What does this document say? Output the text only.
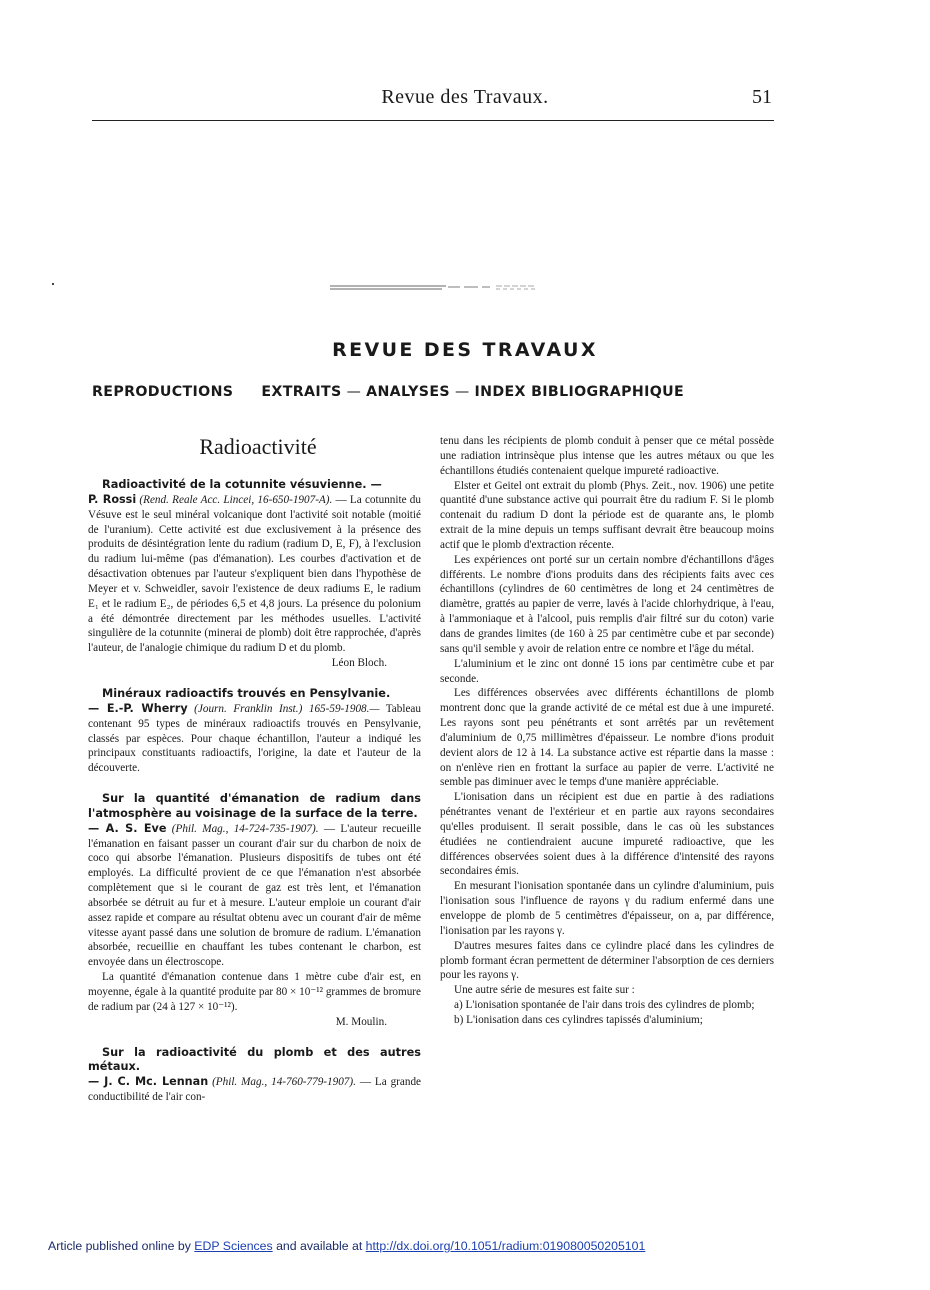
Revue des Travaux.	51
REVUE DES TRAVAUX
REPRODUCTIONS EXTRAITS — ANALYSES — INDEX BIBLIOGRAPHIQUE
Radioactivité

Radioactivité de la cotunnite vésuvienne. —

P. Rossi (Rend. Reale Acc. Lincei, 16-650-1907-A). — La cotunnite du Vésuve est le seul minéral volcanique dont l'activité soit notable (moitié de l'uranium). Cette activité est due exclusivement à la présence des produits de désintégration lente du radium (radium D, E, F), à l'exclusion du radium lui-même (pas d'émanation). Les courbes d'activation et de désactivation obtenues par l'auteur s'expliquent bien dans l'hypothèse de Meyer et v. Schweidler, savoir l'existence de deux radiums E, le radium E₁ et le radium E₂, de périodes 6,5 et 4,8 jours. La présence du polonium a été démontrée directement par les méthodes usuelles. L'activité singulière de la cotunnite (minerai de plomb) doit être rapprochée, d'après l'auteur, de l'analogie chimique du radium D et du plomb.

Léon Bloch.

Minéraux radioactifs trouvés en Pensylvanie.

— E.-P. Wherry (Journ. Franklin Inst.) 165-59-1908.— Tableau contenant 95 types de minéraux radioactifs trouvés en Pensylvanie, classés par espèces. Pour chaque échantillon, l'auteur a indiqué les principaux constituants radioactifs, l'origine, la date et l'auteur de la découverte.

Sur la quantité d'émanation de radium dans l'atmosphère au voisinage de la surface de la terre.

— A. S. Eve (Phil. Mag., 14-724-735-1907). — L'auteur recueille l'émanation en faisant passer un courant d'air sur du charbon de noix de coco qui absorbe l'émanation. Plusieurs dispositifs de tubes ont été employés. La difficulté provient de ce que l'émanation n'est absorbée complètement que si le courant de gaz est très lent, et l'émanation absorbée se détruit au fur et à mesure. L'auteur emploie un courant d'air assez rapide et compare au résultat obtenu avec un courant d'air de même vitesse ayant passé dans une solution de bromure de radium. L'émanation absorbée, recueillie en chauffant les tubes contenant le charbon, est envoyée dans un électroscope.

La quantité d'émanation contenue dans 1 mètre cube d'air est, en moyenne, égale à la quantité produite par 80 × 10⁻¹² grammes de bromure de radium par (24 à 127 × 10⁻¹²).

M. Moulin.

Sur la radioactivité du plomb et des autres métaux.

— J. C. Mc. Lennan (Phil. Mag., 14-760-779-1907). — La grande conductibilité de l'air con-

tenu dans les récipients de plomb conduit à penser que ce métal possède une radiation intrinsèque plus intense que les autres métaux ou que les échantillons étudiés contenaient quelque impureté radioactive.

Elster et Geitel ont extrait du plomb (Phys. Zeit., nov. 1906) une petite quantité d'une substance active qui pourrait être du radium F. Si le plomb contenait du radium D dont la période est de quarante ans, le plomb extrait de la mine depuis un temps suffisant devrait être beaucoup moins actif que le plomb d'extraction récente.

Les expériences ont porté sur un certain nombre d'échantillons d'âges différents. Le nombre d'ions produits dans des récipients faits avec ces échantillons (cylindres de 60 centimètres de long et 24 centimètres de diamètre, grattés au papier de verre, lavés à l'acide chlorhydrique, à l'eau, à l'ammoniaque et à l'alcool, puis remplis d'air filtré sur du coton) varie dans de grandes limites (de 160 à 25 par centimètre cube et par seconde) sans qu'il semble y avoir de relation entre ce nombre et l'âge du métal.

L'aluminium et le zinc ont donné 15 ions par centimètre cube et par seconde.

Les différences observées avec différents échantillons de plomb montrent donc que la grande activité de ce métal est due à une impureté. Les rayons sont peu pénétrants et sont arrêtés par un revêtement d'aluminium de 0,75 millimètres d'épaisseur. Le nombre d'ions produit devient alors de 12 à 14. La substance active est répartie dans la masse : on n'enlève rien en frottant la surface au papier de verre. L'activité ne semble pas diminuer avec le temps d'une manière appréciable.

L'ionisation dans un récipient est due en partie à des radiations pénétrantes venant de l'extérieur et en partie aux rayons secondaires qu'elles produisent. Il serait possible, dans le cas où les substances étudiées ne contiendraient aucune impureté radioactive, que les différences observées soient dues à la différence d'intensité des rayons secondaires émis.

En mesurant l'ionisation spontanée dans un cylindre d'aluminium, puis l'ionisation sous l'influence de rayons γ du radium enfermé dans une enveloppe de plomb de 5 centimètres d'épaisseur, on a, par différence, l'ionisation par les rayons γ.

D'autres mesures faites dans ce cylindre placé dans les cylindres de plomb formant écran permettent de déterminer l'absorption de ces derniers pour les rayons γ.

Une autre série de mesures est faite sur :

a) L'ionisation spontanée de l'air dans trois des cylindres de plomb;

b) L'ionisation dans ces cylindres tapissés d'aluminium;

Article published online by EDP Sciences and available at http://dx.doi.org/10.1051/radium:019080050205101
